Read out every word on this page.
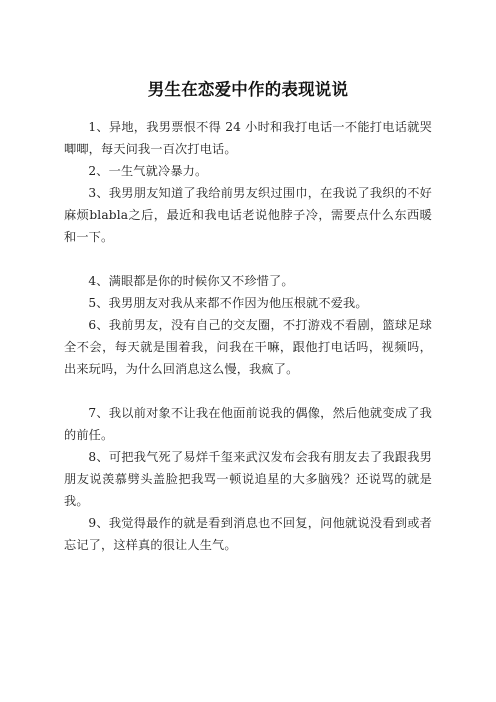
男生在恋爱中作的表现说说

1、异地，我男票恨不得 24 小时和我打电话一不能打电话就哭唧唧，每天问我一百次打电话。

2、一生气就冷暴力。

3、我男朋友知道了我给前男友织过围巾，在我说了我织的不好麻烦blabla之后，最近和我电话老说他脖子冷，需要点什么东西暖和一下。

4、满眼都是你的时候你又不珍惜了。

5、我男朋友对我从来都不作因为他压根就不爱我。

6、我前男友，没有自己的交友圈，不打游戏不看剧，篮球足球全不会，每天就是围着我，问我在干嘛，跟他打电话吗，视频吗，出来玩吗，为什么回消息这么慢，我疯了。

7、我以前对象不让我在他面前说我的偶像，然后他就变成了我的前任。

8、可把我气死了易烊千玺来武汉发布会我有朋友去了我跟我男朋友说羡慕劈头盖脸把我骂一顿说追星的大多脑残？还说骂的就是我。

9、我觉得最作的就是看到消息也不回复，问他就说没看到或者忘记了，这样真的很让人生气。
